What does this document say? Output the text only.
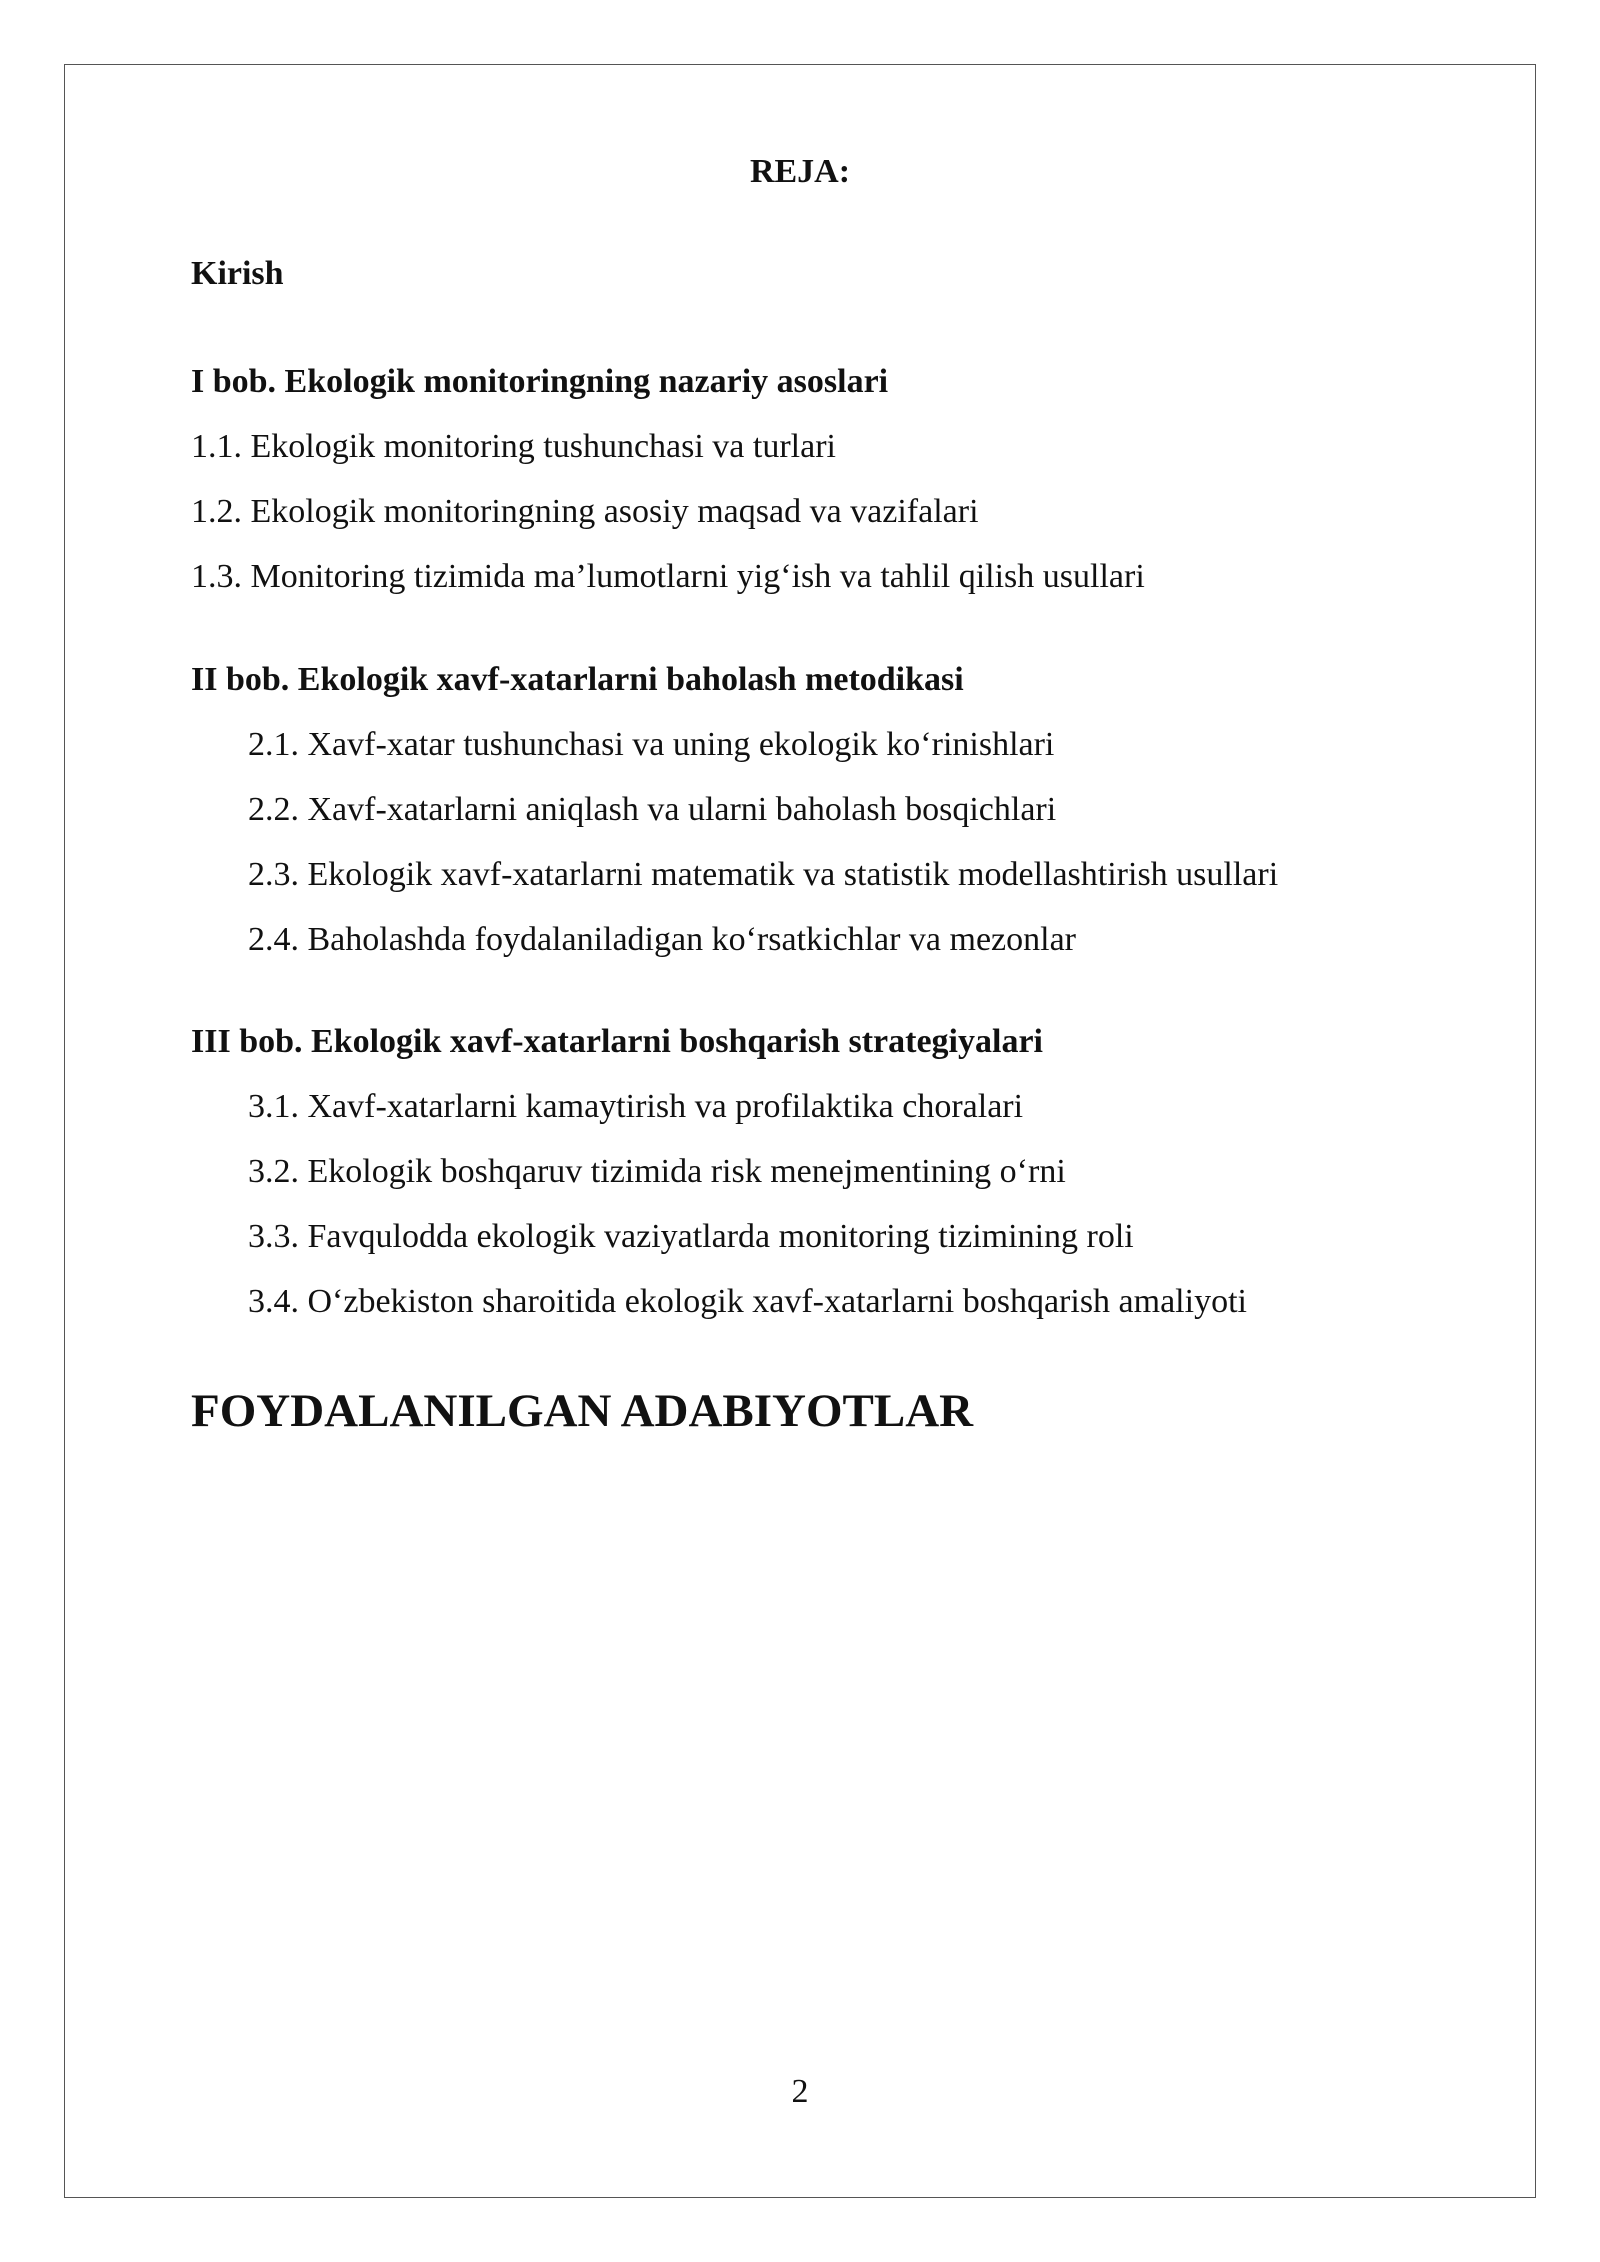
REJA:
Kirish
I bob. Ekologik monitoringning nazariy asoslari
1.1. Ekologik monitoring tushunchasi va turlari
1.2. Ekologik monitoringning asosiy maqsad va vazifalari
1.3. Monitoring tizimida ma’lumotlarni yig‘ish va tahlil qilish usullari
II bob. Ekologik xavf-xatarlarni baholash metodikasi
2.1. Xavf-xatar tushunchasi va uning ekologik ko‘rinishlari
2.2. Xavf-xatarlarni aniqlash va ularni baholash bosqichlari
2.3. Ekologik xavf-xatarlarni matematik va statistik modellashtirish usullari
2.4. Baholashda foydalaniladigan ko‘rsatkichlar va mezonlar
III bob. Ekologik xavf-xatarlarni boshqarish strategiyalari
3.1. Xavf-xatarlarni kamaytirish va profilaktika choralari
3.2. Ekologik boshqaruv tizimida risk menejmentining o‘rni
3.3. Favqulodda ekologik vaziyatlarda monitoring tizimining roli
3.4. O‘zbekiston sharoitida ekologik xavf-xatarlarni boshqarish amaliyoti
FOYDALANILGAN ADABIYOTLAR
2
